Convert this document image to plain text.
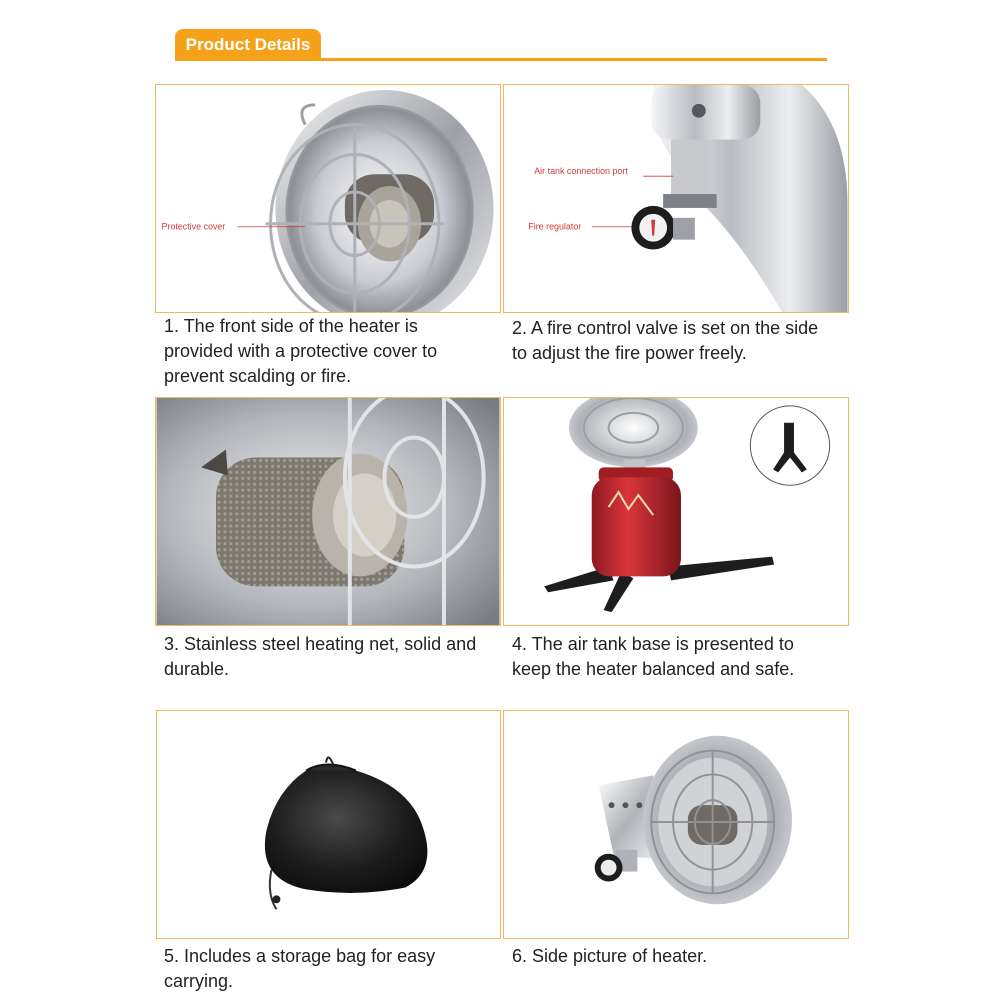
Product Details
Protective cover
1. The front side of the heater is provided with a protective cover to prevent scalding or fire.
Air tank connection port
Fire regulator
2. A fire control valve is set on the side to adjust the fire power freely.
3. Stainless steel heating net, solid and durable.
4. The air tank base is presented to keep the heater balanced and safe.
5. Includes a storage bag for easy carrying.
6. Side picture of heater.
